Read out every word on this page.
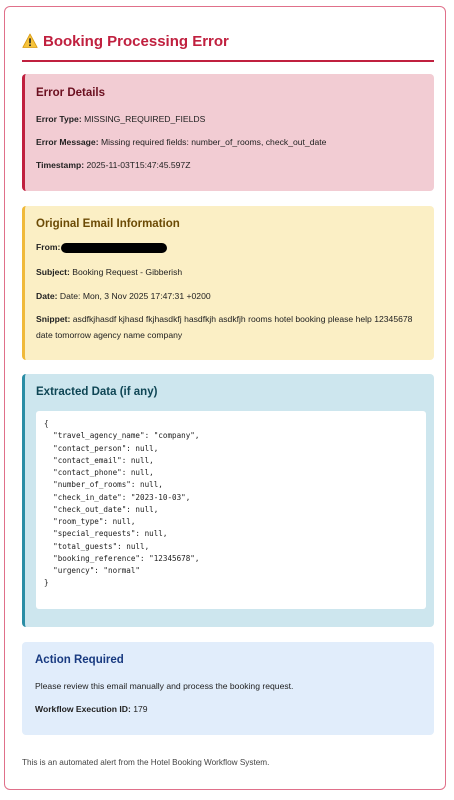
Booking Processing Error
Error Details
Error Type: MISSING_REQUIRED_FIELDS
Error Message: Missing required fields: number_of_rooms, check_out_date
Timestamp: 2025-11-03T15:47:45.597Z
Original Email Information
From:
Subject: Booking Request - Gibberish
Date: Date: Mon, 3 Nov 2025 17:47:31 +0200
Snippet: asdfkjhasdf kjhasd fkjhasdkfj hasdfkjh asdkfjh rooms hotel booking please help 12345678 date tomorrow agency name company
Extracted Data (if any)
{
"travel_agency_name": "company",
"contact_person": null,
"contact_email": null,
"contact_phone": null,
"number_of_rooms": null,
"check_in_date": "2023-10-03",
"check_out_date": null,
"room_type": null,
"special_requests": null,
"total_guests": null,
"booking_reference": "12345678",
"urgency": "normal"
}
Action Required
Please review this email manually and process the booking request.
Workflow Execution ID: 179
This is an automated alert from the Hotel Booking Workflow System.
